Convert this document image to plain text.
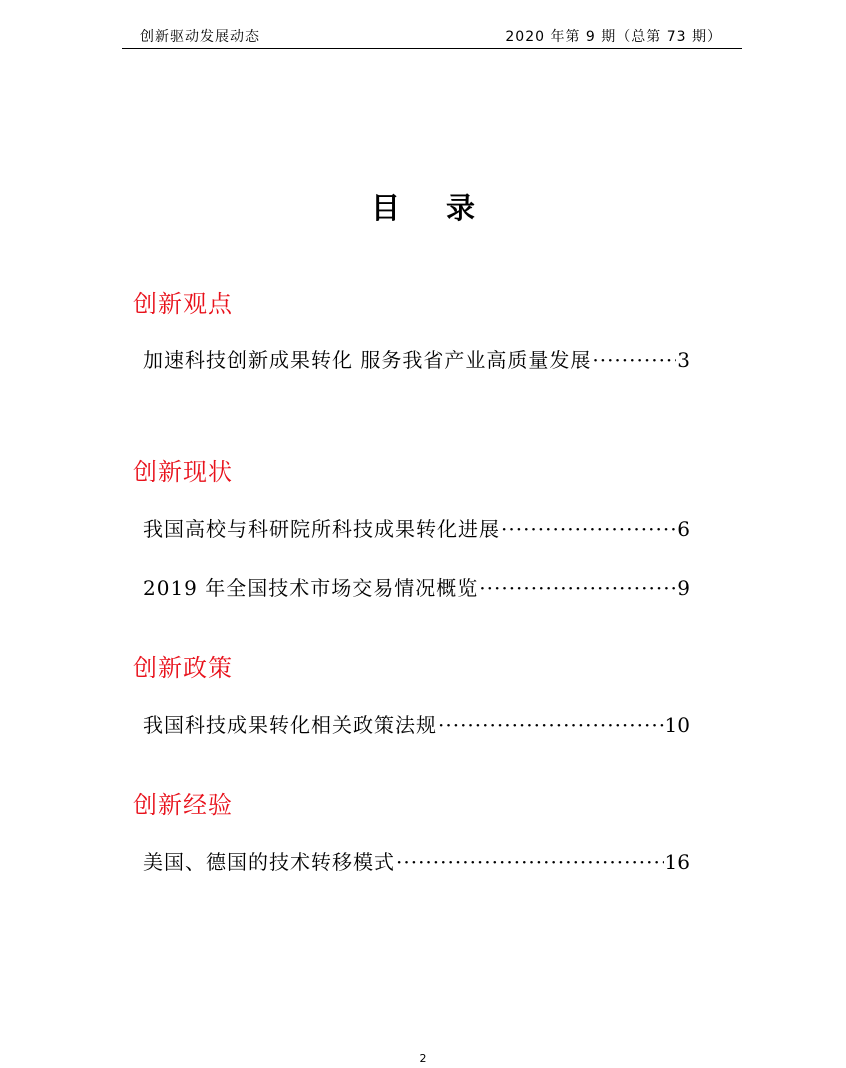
创新驱动发展动态	2020 年第 9 期（总第 73 期）
目 录
创新观点
加速科技创新成果转化 服务我省产业高质量发展 ·····	3
创新现状
我国高校与科研院所科技成果转化进展 ·····	6
2019 年全国技术市场交易情况概览 ·····	9
创新政策
我国科技成果转化相关政策法规 ·····	10
创新经验
美国、德国的技术转移模式 ·····	16
2
